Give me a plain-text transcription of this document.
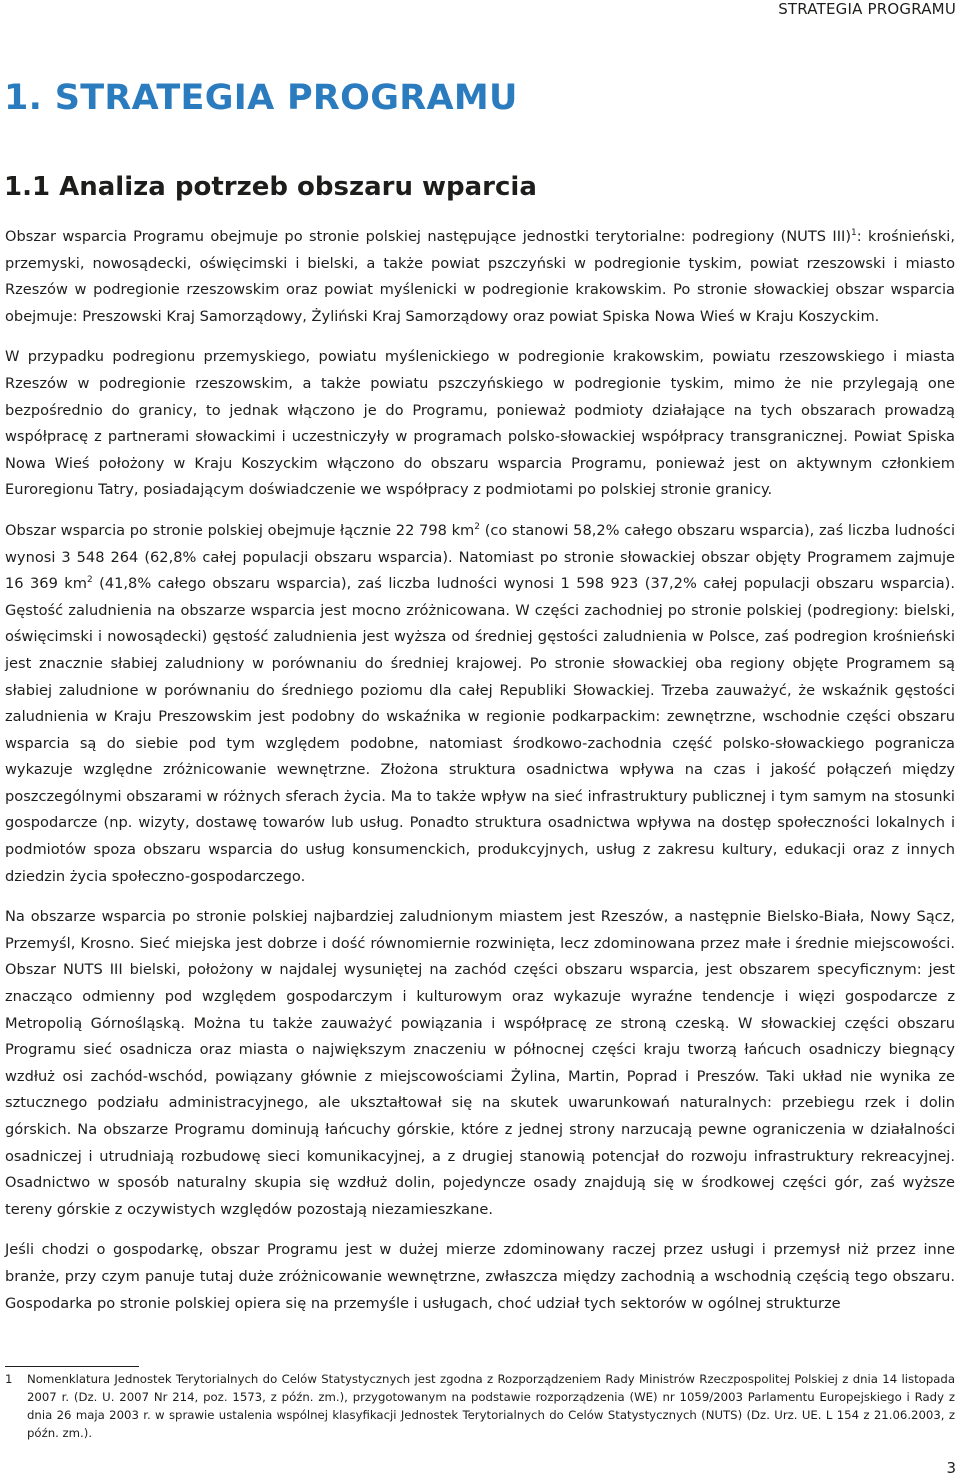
STRATEGIA PROGRAMU
1. STRATEGIA PROGRAMU
1.1 Analiza potrzeb obszaru wparcia

Obszar wsparcia Programu obejmuje po stronie polskiej następujące jednostki terytorialne: podregiony (NUTS III)$^1$: krośnieński, przemyski, nowosądecki, oświęcimski i bielski, a także powiat pszczyński w podregionie tyskim, powiat rzeszowski i miasto Rzeszów w podregionie rzeszowskim oraz powiat myślenicki w podregionie krakowskim. Po stronie słowackiej obszar wsparcia obejmuje: Preszowski Kraj Samorządowy, Żyliński Kraj Samorządowy oraz powiat Spiska Nowa Wieś w Kraju Koszyckim.

W przypadku podregionu przemyskiego, powiatu myślenickiego w podregionie krakowskim, powiatu rzeszowskiego i miasta Rzeszów w podregionie rzeszowskim, a także powiatu pszczyńskiego w podregionie tyskim, mimo że nie przylegają one bezpośrednio do granicy, to jednak włączono je do Programu, ponieważ podmioty działające na tych obszarach prowadzą współpracę z partnerami słowackimi i uczestniczyły w programach polsko-słowackiej współpracy transgranicznej. Powiat Spiska Nowa Wieś położony w Kraju Koszyckim włączono do obszaru wsparcia Programu, ponieważ jest on aktywnym członkiem Euroregionu Tatry, posiadającym doświadczenie we współpracy z podmiotami po polskiej stronie granicy.

Obszar wsparcia po stronie polskiej obejmuje łącznie 22 798 $km^2$ (co stanowi 58,2% całego obszaru wsparcia), zaś liczba ludności wynosi 3 548 264 (62,8% całej populacji obszaru wsparcia). Natomiast po stronie słowackiej obszar objęty Programem zajmuje 16 369 $km^2$ (41,8% całego obszaru wsparcia), zaś liczba ludności wynosi 1 598 923 (37,2% całej populacji obszaru wsparcia). Gęstość zaludnienia na obszarze wsparcia jest mocno zróżnicowana. W części zachodniej po stronie polskiej (podregiony: bielski, oświęcimski i nowosądecki) gęstość zaludnienia jest wyższa od średniej gęstości zaludnienia w Polsce, zaś podregion krośnieński jest znacznie słabiej zaludniony w porównaniu do średniej krajowej. Po stronie słowackiej oba regiony objęte Programem są słabiej zaludnione w porównaniu do średniego poziomu dla całej Republiki Słowackiej. Trzeba zauważyć, że wskaźnik gęstości zaludnienia w Kraju Preszowskim jest podobny do wskaźnika w regionie podkarpackim: zewnętrzne, wschodnie części obszaru wsparcia są do siebie pod tym względem podobne, natomiast środkowo-zachodnia część polsko-słowackiego pogranicza wykazuje względne zróżnicowanie wewnętrzne. Złożona struktura osadnictwa wpływa na czas i jakość połączeń między poszczególnymi obszarami w różnych sferach życia. Ma to także wpływ na sieć infrastruktury publicznej i tym samym na stosunki gospodarcze (np. wizyty, dostawę towarów lub usług. Ponadto struktura osadnictwa wpływa na dostęp społeczności lokalnych i podmiotów spoza obszaru wsparcia do usług konsumenckich, produkcyjnych, usług z zakresu kultury, edukacji oraz z innych dziedzin życia społeczno-gospodarczego.

Na obszarze wsparcia po stronie polskiej najbardziej zaludnionym miastem jest Rzeszów, a następnie Bielsko-Biała, Nowy Sącz, Przemyśl, Krosno. Sieć miejska jest dobrze i dość równomiernie rozwinięta, lecz zdominowana przez małe i średnie miejscowości. Obszar NUTS III bielski, położony w najdalej wysuniętej na zachód części obszaru wsparcia, jest obszarem specyficznym: jest znacząco odmienny pod względem gospodarczym i kulturowym oraz wykazuje wyraźne tendencje i więzi gospodarcze z Metropolią Górnośląską. Można tu także zauważyć powiązania i współpracę ze stroną czeską. W słowackiej części obszaru Programu sieć osadnicza oraz miasta o największym znaczeniu w północnej części kraju tworzą łańcuch osadniczy biegnący wzdłuż osi zachód-wschód, powiązany głównie z miejscowościami Żylina, Martin, Poprad i Preszów. Taki układ nie wynika ze sztucznego podziału administracyjnego, ale ukształtował się na skutek uwarunkowań naturalnych: przebiegu rzek i dolin górskich. Na obszarze Programu dominują łańcuchy górskie, które z jednej strony narzucają pewne ograniczenia w działalności osadniczej i utrudniają rozbudowę sieci komunikacyjnej, a z drugiej stanowią potencjał do rozwoju infrastruktury rekreacyjnej. Osadnictwo w sposób naturalny skupia się wzdłuż dolin, pojedyncze osady znajdują się w środkowej części gór, zaś wyższe tereny górskie z oczywistych względów pozostają niezamieszkane.

Jeśli chodzi o gospodarkę, obszar Programu jest w dużej mierze zdominowany raczej przez usługi i przemysł niż przez inne branże, przy czym panuje tutaj duże zróżnicowanie wewnętrzne, zwłaszcza między zachodnią a wschodnią częścią tego obszaru. Gospodarka po stronie polskiej opiera się na przemyśle i usługach, choć udział tych sektorów w ogólnej strukturze

1 Nomenklatura Jednostek Terytorialnych do Celów Statystycznych jest zgodna z Rozporządzeniem Rady Ministrów Rzeczpospolitej Polskiej z dnia 14 listopada 2007 r. (Dz. U. 2007 Nr 214, poz. 1573, z późn. zm.), przygotowanym na podstawie rozporządzenia (WE) nr 1059/2003 Parlamentu Europejskiego i Rady z dnia 26 maja 2003 r. w sprawie ustalenia wspólnej klasyfikacji Jednostek Terytorialnych do Celów Statystycznych (NUTS) (Dz. Urz. UE. L 154 z 21.06.2003, z późn. zm.).
3
